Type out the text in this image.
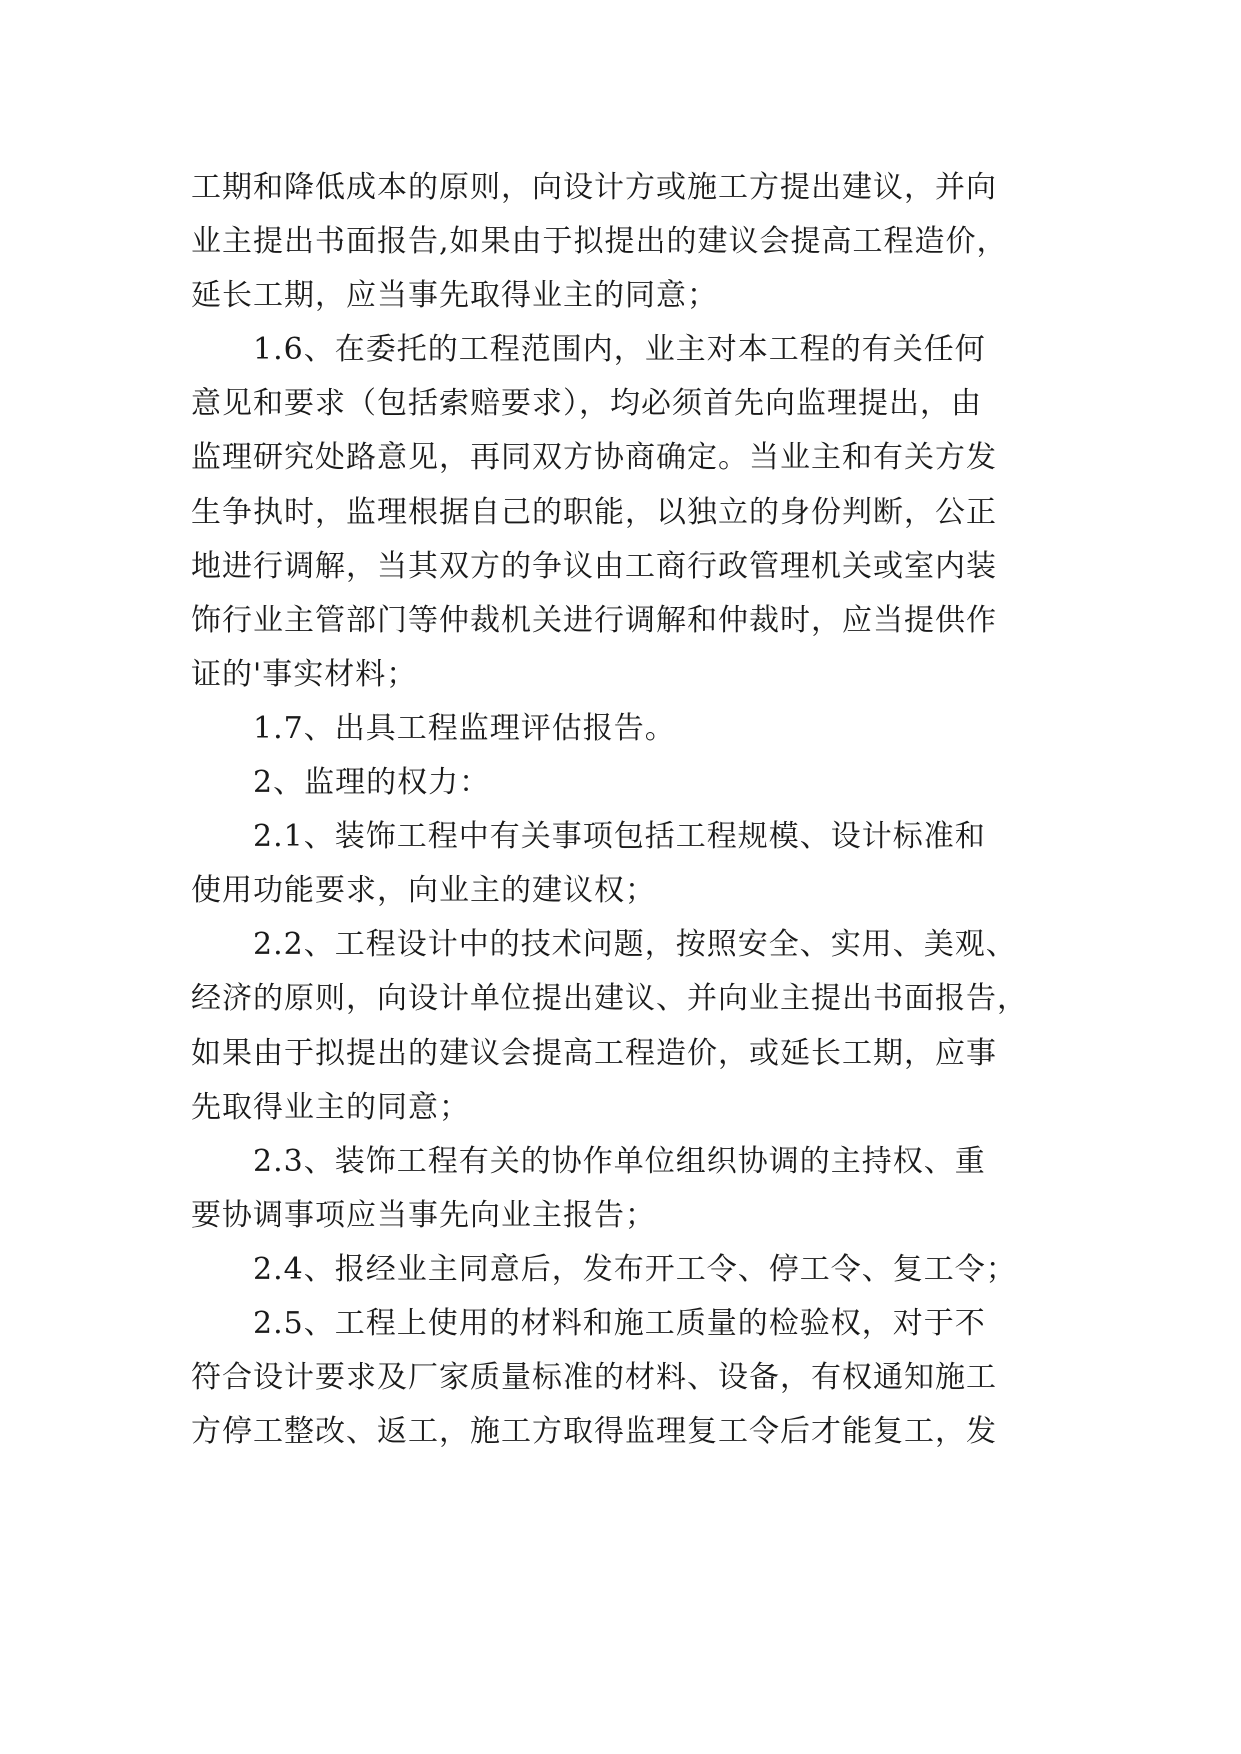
工期和降低成本的原则，向设计方或施工方提出建议，并向
业主提出书面报告,如果由于拟提出的建议会提高工程造价，
延长工期，应当事先取得业主的同意；
1.6、在委托的工程范围内，业主对本工程的有关任何
意见和要求（包括索赔要求），均必须首先向监理提出，由
监理研究处路意见，再同双方协商确定。当业主和有关方发
生争执时，监理根据自己的职能，以独立的身份判断，公正
地进行调解，当其双方的争议由工商行政管理机关或室内装
饰行业主管部门等仲裁机关进行调解和仲裁时，应当提供作
证的'事实材料；
1.7、出具工程监理评估报告。
2、监理的权力：
2.1、装饰工程中有关事项包括工程规模、设计标准和
使用功能要求，向业主的建议权；
2.2、工程设计中的技术问题，按照安全、实用、美观、
经济的原则，向设计单位提出建议、并向业主提出书面报告，
如果由于拟提出的建议会提高工程造价，或延长工期，应事
先取得业主的同意；
2.3、装饰工程有关的协作单位组织协调的主持权、重
要协调事项应当事先向业主报告；
2.4、报经业主同意后，发布开工令、停工令、复工令；
2.5、工程上使用的材料和施工质量的检验权，对于不
符合设计要求及厂家质量标准的材料、设备，有权通知施工
方停工整改、返工，施工方取得监理复工令后才能复工，发
